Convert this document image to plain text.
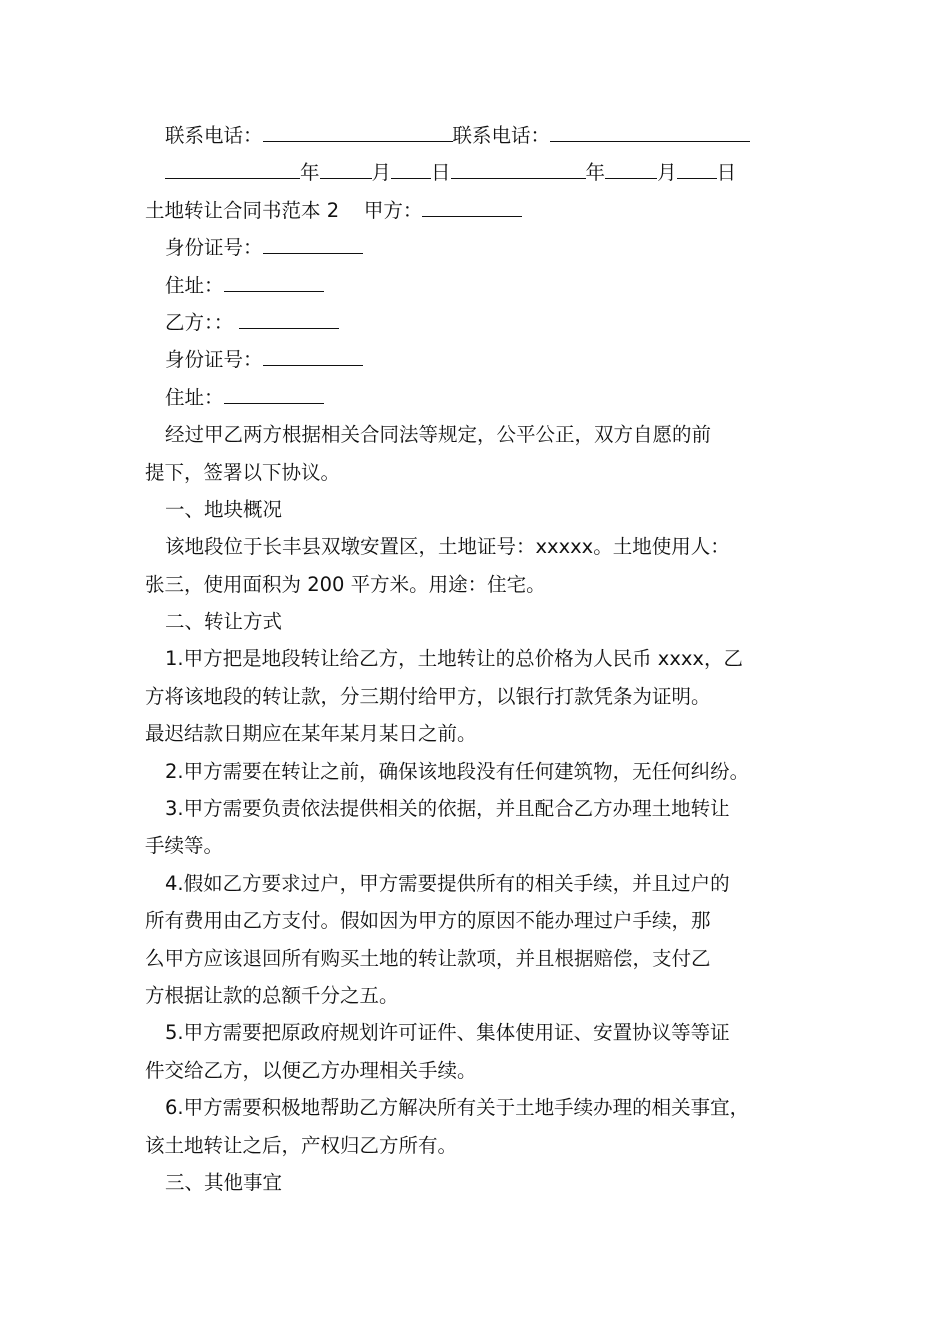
联系电话：	联系电话：
年	月 日	年	月 日
土地转让合同书范本 2 甲方：
身份证号：
住址：
乙方：：
身份证号：
住址：
经过甲乙两方根据相关合同法等规定，公平公正，双方自愿的前
提下，签署以下协议。
一、地块概况
该地段位于长丰县双墩安置区，土地证号：xxxxx。土地使用人：
张三，使用面积为 200 平方米。用途：住宅。
二、转让方式
1.甲方把是地段转让给乙方，土地转让的总价格为人民币 xxxx，乙
方将该地段的转让款，分三期付给甲方，以银行打款凭条为证明。
最迟结款日期应在某年某月某日之前。
2.甲方需要在转让之前，确保该地段没有任何建筑物，无任何纠纷。
3.甲方需要负责依法提供相关的依据，并且配合乙方办理土地转让
手续等。
4.假如乙方要求过户，甲方需要提供所有的相关手续，并且过户的
所有费用由乙方支付。假如因为甲方的原因不能办理过户手续，那
么甲方应该退回所有购买土地的转让款项，并且根据赔偿，支付乙
方根据让款的总额千分之五。
5.甲方需要把原政府规划许可证件、集体使用证、安置协议等等证
件交给乙方，以便乙方办理相关手续。
6.甲方需要积极地帮助乙方解决所有关于土地手续办理的相关事宜，
该土地转让之后，产权归乙方所有。
三、其他事宜
